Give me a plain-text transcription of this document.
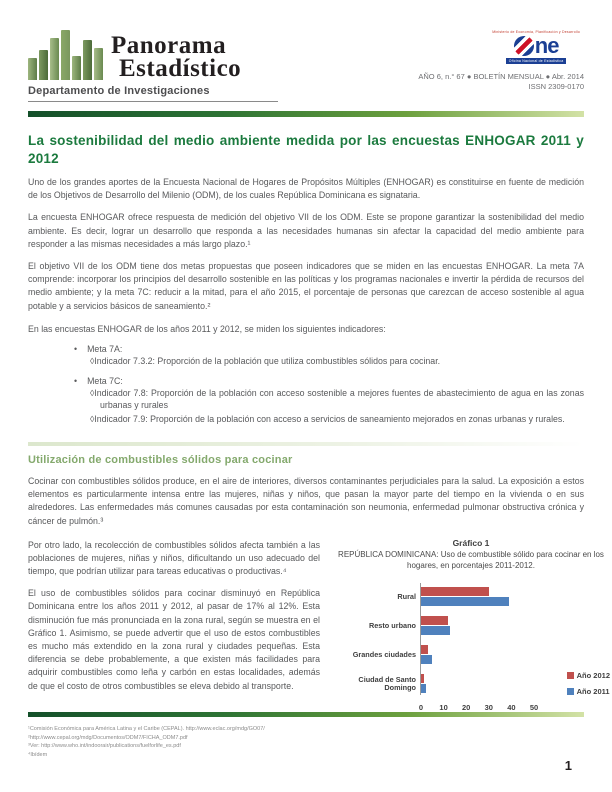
Panorama
Estadístico
Departamento de Investigaciones
Ministerio de Economía, Planificación y Desarrollo
ne
Oficina Nacional de Estadística
AÑO 6, n.° 67 ● BOLETÍN MENSUAL ● Abr. 2014
ISSN 2309-0170
La sostenibilidad del medio ambiente medida por las encuestas ENHOGAR 2011 y 2012
Uno de los grandes aportes de la Encuesta Nacional de Hogares de Propósitos Múltiples (ENHOGAR) es constituirse en fuente de medición de los Objetivos de Desarrollo del Milenio (ODM), de los cuales República Dominicana es signataria.
La encuesta ENHOGAR ofrece respuesta de medición del objetivo VII de los ODM. Este se propone garantizar la sostenibilidad del medio ambiente. Es decir, lograr un desarrollo que responda a las necesidades humanas sin afectar la capacidad del medio ambiente para responder a las mismas necesidades a más largo plazo.¹
El objetivo VII de los ODM tiene dos metas propuestas que poseen indicadores que se miden en las encuestas ENHOGAR. La meta 7A comprende: incorporar los principios del desarrollo sostenible en las políticas y los programas nacionales e invertir la pérdida de recursos del medio ambiente; y la meta 7C: reducir a la mitad, para el año 2015, el porcentaje de personas que carezcan de acceso sostenible al agua potable y a servicios básicos de saneamiento.²
En las encuestas ENHOGAR de los años 2011 y 2012, se miden los siguientes indicadores:
• Meta 7A:
◊Indicador 7.3.2: Proporción de la población que utiliza combustibles sólidos para cocinar.
• Meta 7C:
◊Indicador 7.8: Proporción de la población con acceso sostenible a mejores fuentes de abastecimiento de agua en las zonas urbanas y rurales
◊Indicador 7.9: Proporción de la población con acceso a servicios de saneamiento mejorados en zonas urbanas y rurales.
Utilización de combustibles sólidos para cocinar
Cocinar con combustibles sólidos produce, en el aire de interiores, diversos contaminantes perjudiciales para la salud. La exposición a estos elementos es particularmente intensa entre las mujeres, niñas y niños, que pasan la mayor parte del tiempo en la vivienda o en sus alrededores. Las enfermedades más comunes causadas por esta contaminación son neumonia, enfermedad pulmonar obstructiva crónica y cáncer de pulmón.³
Por otro lado, la recolección de combustibles sólidos afecta también a las poblaciones de mujeres, niñas y niños, dificultando un uso adecuado del tiempo, que podrían utilizar para tareas educativas o productivas.⁴
El uso de combustibles sólidos para cocinar disminuyó en República Dominicana entre los años 2011 y 2012, al pasar de 17% al 12%. Esta disminución fue más pronunciada en la zona rural, según se muestra en el Gráfico 1. Asimismo, se puede advertir que el uso de estos combustibles es mucho más extendido en la zona rural y ciudades pequeñas. Esta diferencia se debe probablemente, a que existen más facilidades para adquirir combustibles como leña y carbón en estas localidades, además de que el costo de otros combustibles se eleva debido al transporte.
Gráfico 1
REPÚBLICA DOMINICANA: Uso de combustible sólido para cocinar en los hogares, en porcentajes 2011-2012.
Rural
Resto urbano
Grandes ciudades
Ciudad de Santo Domingo
0 10 20 30 40 50
Año 2012
Año 2011
¹Comisión Económica para América Latina y el Caribe (CEPAL). http://www.eclac.org/mdg/GO07/
²http://www.cepal.org/mdg/Documentos/ODM7/FICHA_ODM7.pdf
³Ver: http://www.who.int/indoorair/publications/fuelforlife_es.pdf
⁴Ibídem
1
